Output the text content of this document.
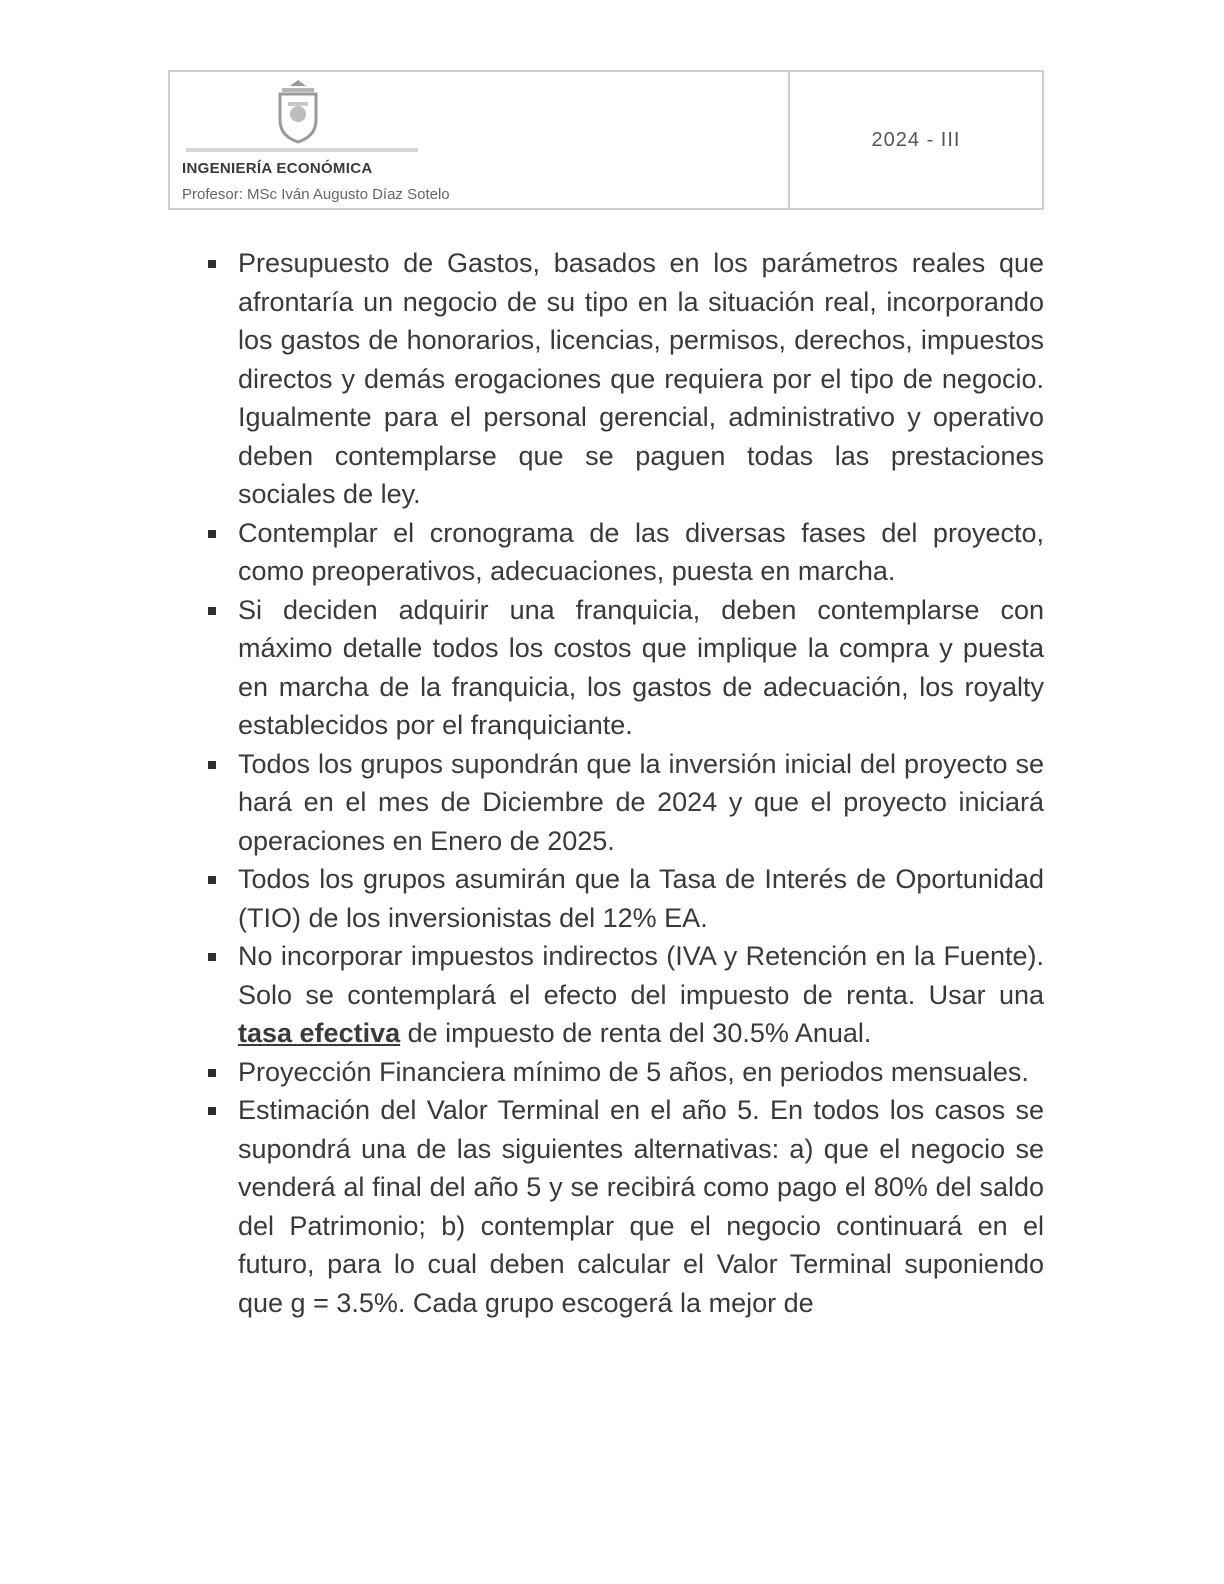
INGENIERÍA ECONÓMICA
Profesor: MSc Iván Augusto Díaz Sotelo
2024 - III
Presupuesto de Gastos, basados en los parámetros reales que afrontaría un negocio de su tipo en la situación real, incorporando los gastos de honorarios, licencias, permisos, derechos, impuestos directos y demás erogaciones que requiera por el tipo de negocio. Igualmente para el personal gerencial, administrativo y operativo deben contemplarse que se paguen todas las prestaciones sociales de ley.
Contemplar el cronograma de las diversas fases del proyecto, como preoperativos, adecuaciones, puesta en marcha.
Si deciden adquirir una franquicia, deben contemplarse con máximo detalle todos los costos que implique la compra y puesta en marcha de la franquicia, los gastos de adecuación, los royalty establecidos por el franquiciante.
Todos los grupos supondrán que la inversión inicial del proyecto se hará en el mes de Diciembre de 2024 y que el proyecto iniciará operaciones en Enero de 2025.
Todos los grupos asumirán que la Tasa de Interés de Oportunidad (TIO) de los inversionistas del 12% EA.
No incorporar impuestos indirectos (IVA y Retención en la Fuente). Solo se contemplará el efecto del impuesto de renta. Usar una tasa efectiva de impuesto de renta del 30.5% Anual.
Proyección Financiera mínimo de 5 años, en periodos mensuales.
Estimación del Valor Terminal en el año 5. En todos los casos se supondrá una de las siguientes alternativas: a) que el negocio se venderá al final del año 5 y se recibirá como pago el 80% del saldo del Patrimonio; b) contemplar que el negocio continuará en el futuro, para lo cual deben calcular el Valor Terminal suponiendo que g = 3.5%. Cada grupo escogerá la mejor de
